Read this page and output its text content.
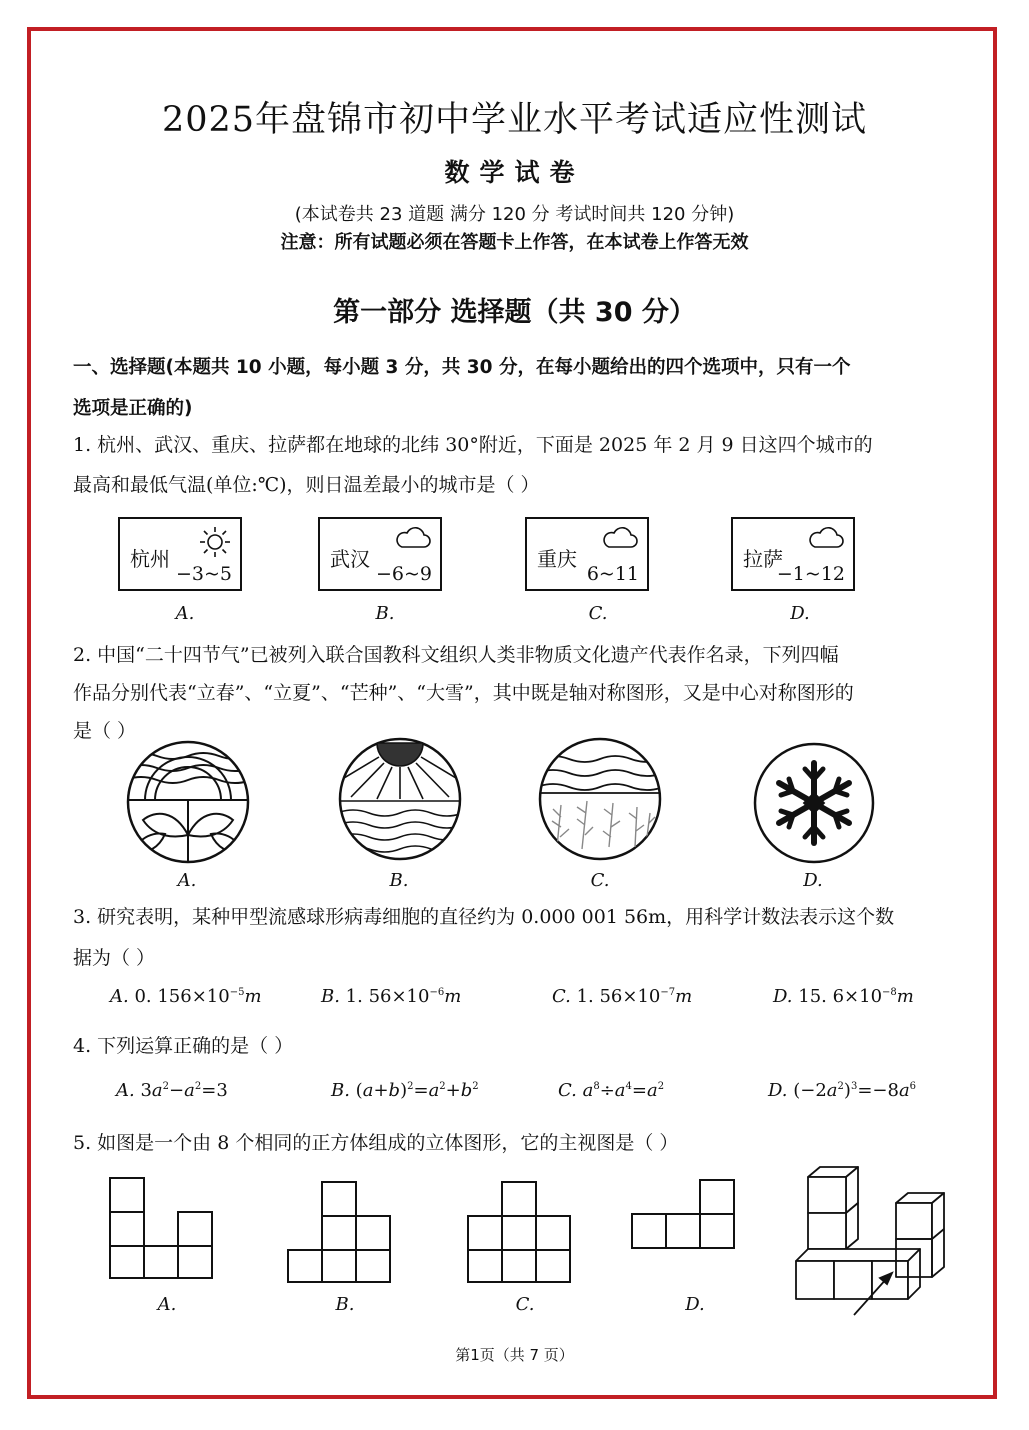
2025年盘锦市初中学业水平考试适应性测试
数学试卷
(本试卷共 23 道题 满分 120 分 考试时间共 120 分钟)
注意：所有试题必须在答题卡上作答，在本试卷上作答无效
第一部分 选择题（共 30 分）
一、选择题(本题共 10 小题，每小题 3 分，共 30 分，在每小题给出的四个选项中，只有一个
选项是正确的)
1. 杭州、武汉、重庆、拉萨都在地球的北纬 30°附近，下面是 2025 年 2 月 9 日这四个城市的
最高和最低气温(单位:℃)，则日温差最小的城市是（ ）
杭州
−3~5
武汉
−6~9
重庆
6~11
拉萨
−1~12
A.	B.	C.	D.
2. 中国“二十四节气”已被列入联合国教科文组织人类非物质文化遗产代表作名录，下列四幅
作品分别代表“立春”、“立夏”、“芒种”、“大雪”，其中既是轴对称图形，又是中心对称图形的
是（ ）
A.	B.	C.	D.
3. 研究表明，某种甲型流感球形病毒细胞的直径约为 0.000 001 56m，用科学计数法表示这个数
据为（ ）
A. 0. $156\times 10^{-5}m$	B. 1. $56\times 10^{-6}m$	C. 1. $56\times 10^{-7}m$	D. 15. $6\times 10^{-8}m$
4. 下列运算正确的是（ ）
A. $3a^2-a^2=3$	B. $(a+b)^2=a^2+b^2$	C. $a^8\div a^4=a^2$	D. $(-2a^2)^3=-8a^6$
5. 如图是一个由 8 个相同的正方体组成的立体图形，它的主视图是（ ）
A.	B.	C.	D.
第1页（共 7 页）
